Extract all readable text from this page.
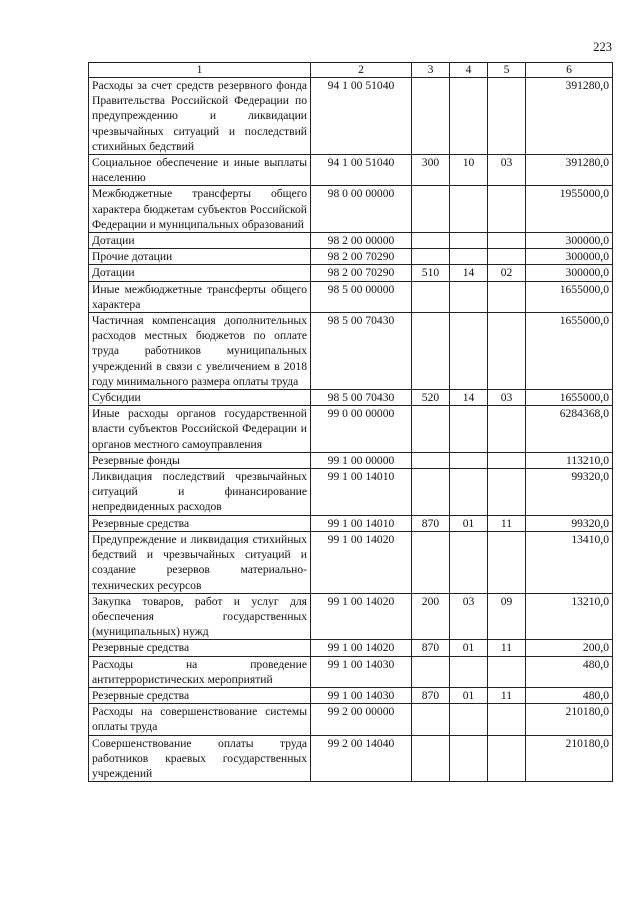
223
1	2	3	4	5	6
Расходы за счет средств резервного фонда Правительства Российской Федерации по предупреждению и ликвидации чрезвычайных ситуаций и последствий стихийных бедствий	94 1 00 51040				391280,0
Социальное обеспечение и иные выплаты населению	94 1 00 51040	300	10	03	391280,0
Межбюджетные трансферты общего характера бюджетам субъектов Российской Федерации и муниципальных образований	98 0 00 00000				1955000,0
Дотации	98 2 00 00000				300000,0
Прочие дотации	98 2 00 70290				300000,0
Дотации	98 2 00 70290	510	14	02	300000,0
Иные межбюджетные трансферты общего характера	98 5 00 00000				1655000,0
Частичная компенсация дополнительных расходов местных бюджетов по оплате труда работников муниципальных учреждений в связи с увеличением в 2018 году минимального размера оплаты труда	98 5 00 70430				1655000,0
Субсидии	98 5 00 70430	520	14	03	1655000,0
Иные расходы органов государственной власти субъектов Российской Федерации и органов местного самоуправления	99 0 00 00000				6284368,0
Резервные фонды	99 1 00 00000				113210,0
Ликвидация последствий чрезвычайных ситуаций и финансирование непредвиденных расходов	99 1 00 14010				99320,0
Резервные средства	99 1 00 14010	870	01	11	99320,0
Предупреждение и ликвидация стихийных бедствий и чрезвычайных ситуаций и создание резервов материально-технических ресурсов	99 1 00 14020				13410,0
Закупка товаров, работ и услуг для обеспечения государственных (муниципальных) нужд	99 1 00 14020	200	03	09	13210,0
Резервные средства	99 1 00 14020	870	01	11	200,0
Расходы на проведение антитеррористических мероприятий	99 1 00 14030				480,0
Резервные средства	99 1 00 14030	870	01	11	480,0
Расходы на совершенствование системы оплаты труда	99 2 00 00000				210180,0
Совершенствование оплаты труда работников краевых государственных учреждений	99 2 00 14040				210180,0
